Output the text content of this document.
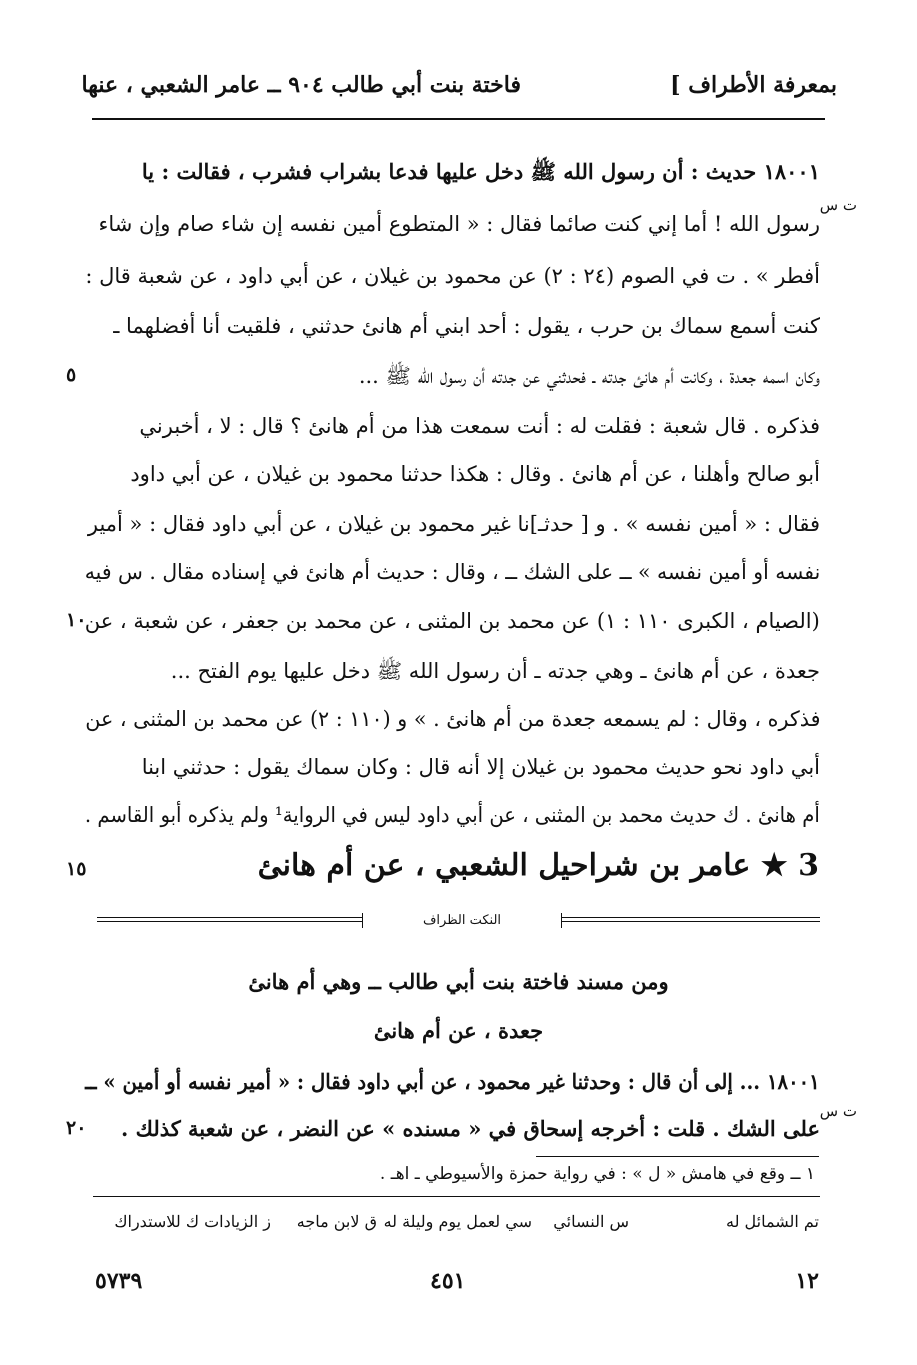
بمعرفة الأطراف ]
فاختة بنت أبي طالب ٩٠٤ ــ عامر الشعبي ، عنها
١٨٠٠١ حديث : أن رسول الله ﷺ دخل عليها فدعا بشراب فشرب ، فقالت : يا
ت س
رسول الله ! أما إني كنت صائما فقال : « المتطوع أمين نفسه إن شاء صام وإن شاء
أفطر » . ت في الصوم (٢٤ : ٢) عن محمود بن غيلان ، عن أبي داود ، عن شعبة قال :
كنت أسمع سماك بن حرب ، يقول : أحد ابني أم هانئ حدثني ، فلقيت أنا أفضلهما ـ
وكان اسمه جعدة ، وكانت أم هانئ جدته ـ فحدثني عن جدته أن رسول الله ﷺ ...
٥
فذكره . قال شعبة : فقلت له : أنت سمعت هذا من أم هانئ ؟ قال : لا ، أخبرني
أبو صالح وأهلنا ، عن أم هانئ . وقال : هكذا حدثنا محمود بن غيلان ، عن أبي داود
فقال : « أمين نفسه » . و [ حدثـ]نا غير محمود بن غيلان ، عن أبي داود فقال : « أمير
نفسه أو أمين نفسه » ــ على الشك ــ ، وقال : حديث أم هانئ في إسناده مقال . س فيه
(الصيام ، الكبرى ١١٠ : ١) عن محمد بن المثنى ، عن محمد بن جعفر ، عن شعبة ، عن
١٠
جعدة ، عن أم هانئ ـ وهي جدته ـ أن رسول الله ﷺ دخل عليها يوم الفتح ...
فذكره ، وقال : لم يسمعه جعدة من أم هانئ . » و (١١٠ : ٢) عن محمد بن المثنى ، عن
أبي داود نحو حديث محمود بن غيلان إلا أنه قال : وكان سماك يقول : حدثني ابنا
أم هانئ . ك حديث محمد بن المثنى ، عن أبي داود ليس في الرواية¹ ولم يذكره أبو القاسم .
3 ★ عامر بن شراحيل الشعبي ، عن أم هانئ
١٥
النكت الظراف
ومن مسند فاختة بنت أبي طالب ــ وهي أم هانئ
جعدة ، عن أم هانئ
١٨٠٠١ ... إلى أن قال : وحدثنا غير محمود ، عن أبي داود فقال : « أمير نفسه أو أمين » ــ
ت س
على الشك . قلت : أخرجه إسحاق في « مسنده » عن النضر ، عن شعبة كذلك .
٢٠
١ ــ وقع في هامش « ل » : في رواية حمزة والأسيوطي ـ اهـ .
تم الشمائل له
س النسائي
سي لعمل يوم وليلة له
ق لابن ماجه
ز الزيادات
ك للاستدراك
١٢
٤٥١
٥٧٣٩
